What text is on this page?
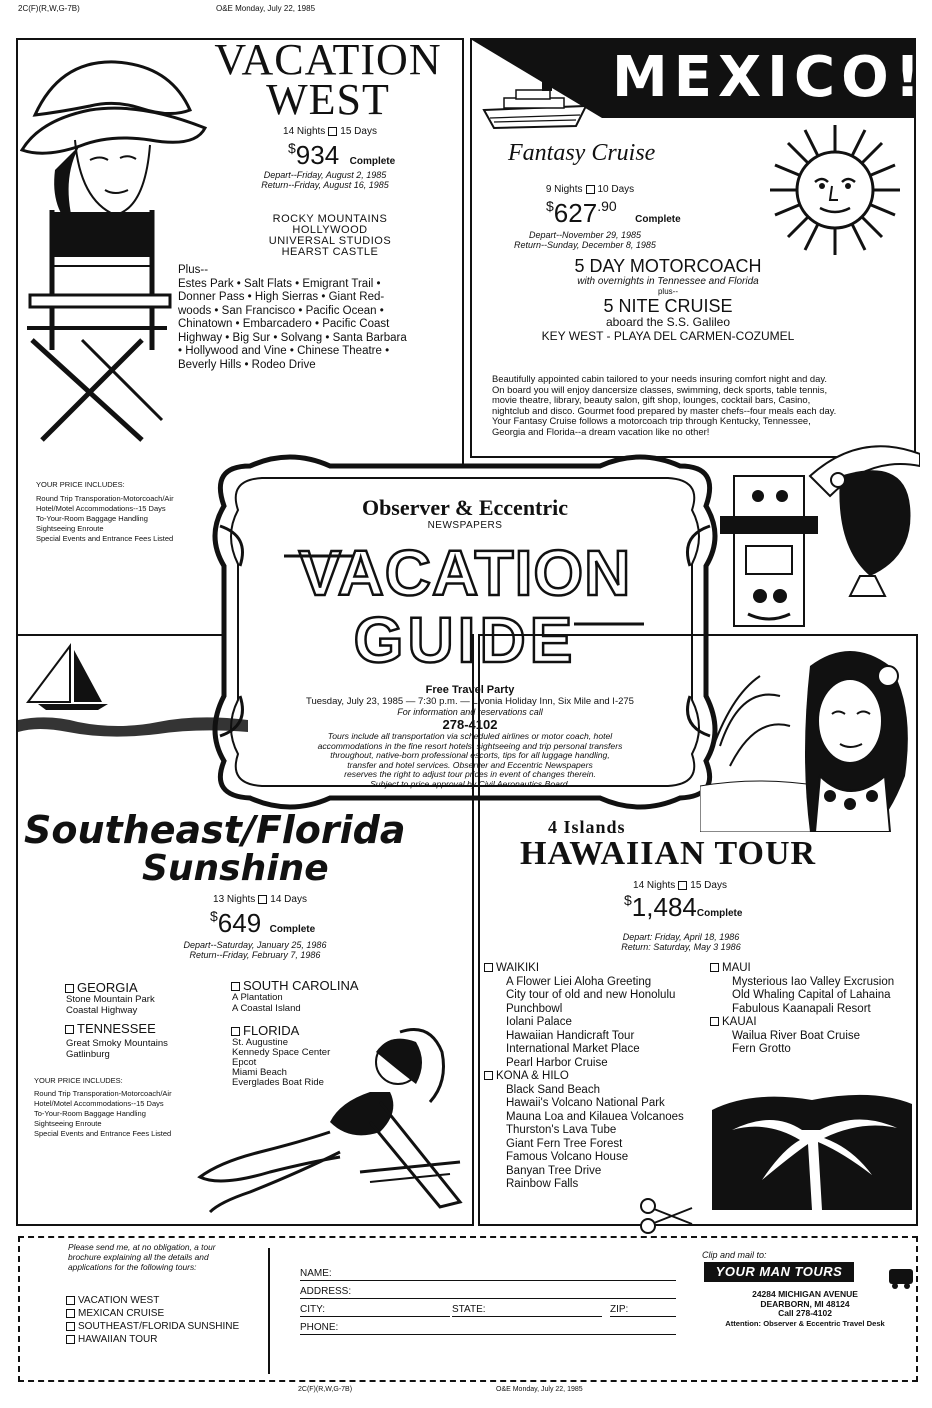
2C(F)(R,W,G-7B)	O&E Monday, July 22, 1985
VACATION
WEST
14 Nights 15 Days
$934 Complete
Depart--Friday, August 2, 1985
Return--Friday, August 16, 1985
ROCKY MOUNTAINS
HOLLYWOOD
UNIVERSAL STUDIOS
HEARST CASTLE
Plus--
Estes Park • Salt Flats • Emigrant Trail •
Donner Pass • High Sierras • Giant Red-
woods • San Francisco • Pacific Ocean •
Chinatown • Embarcadero • Pacific Coast
Highway • Big Sur • Solvang • Santa Barbara
• Hollywood and Vine • Chinese Theatre •
Beverly Hills • Rodeo Drive
YOUR PRICE INCLUDES:
Round Trip Transporation-Motorcoach/Air
Hotel/Motel Accommodations--15 Days
To-Your-Room Baggage Handling
Sightseeing Enroute
Special Events and Entrance Fees Listed
MEXICO!
Fantasy Cruise
9 Nights 10 Days
$627.90 Complete
Depart--November 29, 1985
Return--Sunday, December 8, 1985
5 DAY MOTORCOACH
with overnights in Tennessee and Florida
plus--
5 NITE CRUISE
aboard the S.S. Galileo
KEY WEST - PLAYA DEL CARMEN-COZUMEL
Beautifully appointed cabin tailored to your needs insuring comfort night and day.
On board you will enjoy dancersize classes, swimming, deck sports, table tennis,
movie theatre, library, beauty salon, gift shop, lounges, cocktail bars, Casino,
nightclub and disco. Gourmet food prepared by master chefs--four meals each day.
Your Fantasy Cruise follows a motorcoach trip through Kentucky, Tennessee,
Georgia and Florida--a dream vacation like no other!
Observer & Eccentric
NEWSPAPERS
VACATION
GUIDE
Free Travel Party
Tuesday, July 23, 1985 — 7:30 p.m. — Livonia Holiday Inn, Six Mile and I-275
For information and reservations call
278-4102
Tours include all transportation via scheduled airlines or motor coach, hotel
accommodations in the fine resort hotels, sightseeing and trip personal transfers
throughout, native-born professional escorts, tips for all luggage handling,
transfer and hotel services. Observer and Eccentric Newspapers
reserves the right to adjust tour prices in event of changes therein.
Subject to price approval by Civil Aeronautics Board.
Southeast/Florida
Sunshine
13 Nights 14 Days
$649 Complete
Depart--Saturday, January 25, 1986
Return--Friday, February 7, 1986
GEORGIA
Stone Mountain Park
Coastal Highway
TENNESSEE
Great Smoky Mountains
Gatlinburg
SOUTH CAROLINA
A Plantation
A Coastal Island
FLORIDA
St. Augustine
Kennedy Space Center
Epcot
Miami Beach
Everglades Boat Ride
YOUR PRICE INCLUDES:
Round Trip Transporation-Motorcoach/Air
Hotel/Motel Accommodations--15 Days
To-Your-Room Baggage Handling
Sightseeing Enroute
Special Events and Entrance Fees Listed
4 Islands
HAWAIIAN TOUR
14 Nights 15 Days
$1,484Complete
Depart: Friday, April 18, 1986
Return: Saturday, May 3 1986
WAIKIKI
A Flower Liei Aloha Greeting
City tour of old and new Honolulu
Punchbowl
Iolani Palace
Hawaiian Handicraft Tour
International Market Place
Pearl Harbor Cruise
KONA & HILO
Black Sand Beach
Hawaii's Volcano National Park
Mauna Loa and Kilauea Volcanoes
Thurston's Lava Tube
Giant Fern Tree Forest
Famous Volcano House
Banyan Tree Drive
Rainbow Falls
MAUI
Mysterious Iao Valley Excrusion
Old Whaling Capital of Lahaina
Fabulous Kaanapali Resort
KAUAI
Wailua River Boat Cruise
Fern Grotto
Please send me, at no obligation, a tour brochure explaining all the details and applications for the following tours:
VACATION WEST
MEXICAN CRUISE
SOUTHEAST/FLORIDA SUNSHINE
HAWAIIAN TOUR
NAME:
ADDRESS:
CITY:	STATE:	ZIP:
PHONE:
Clip and mail to:
YOUR MAN TOURS
24284 MICHIGAN AVENUE
DEARBORN, MI 48124
Call 278-4102
Attention: Observer & Eccentric Travel Desk
2C(F)(R,W,G-7B)	O&E Monday, July 22, 1985
